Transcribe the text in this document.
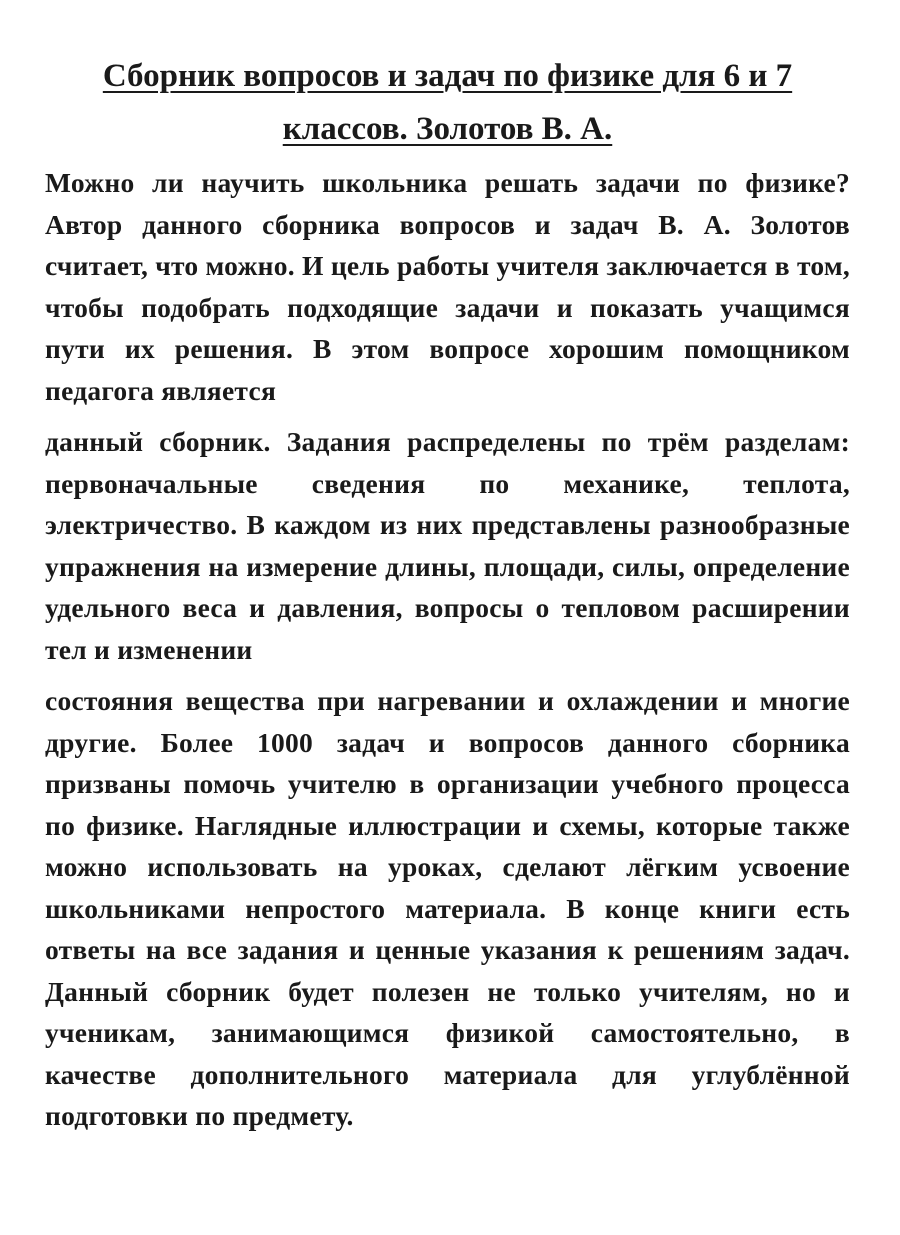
Сборник вопросов и задач по физике для 6 и 7
классов. Золотов В. А.

Можно ли научить школьника решать задачи по физике? Автор данного сборника вопросов и задач В. А. Золотов считает, что можно. И цель работы учителя заключается в том, чтобы подобрать подходящие задачи и показать учащимся пути их решения. В этом вопросе хорошим помощником педагога является

данный сборник. Задания распределены по трём разделам: первоначальные сведения по механике, теплота, электричество. В каждом из них представлены разнообразные упражнения на измерение длины, площади, силы, определение удельного веса и давления, вопросы о тепловом расширении тел и изменении

состояния вещества при нагревании и охлаждении и многие другие. Более 1000 задач и вопросов данного сборника призваны помочь учителю в организации учебного процесса по физике. Наглядные иллюстрации и схемы, которые также можно использовать на уроках, сделают лёгким усвоение школьниками непростого материала. В конце книги есть ответы на все задания и ценные указания к решениям задач. Данный сборник будет полезен не только учителям, но и ученикам, занимающимся физикой самостоятельно, в качестве дополнительного материала для углублённой подготовки по предмету.
